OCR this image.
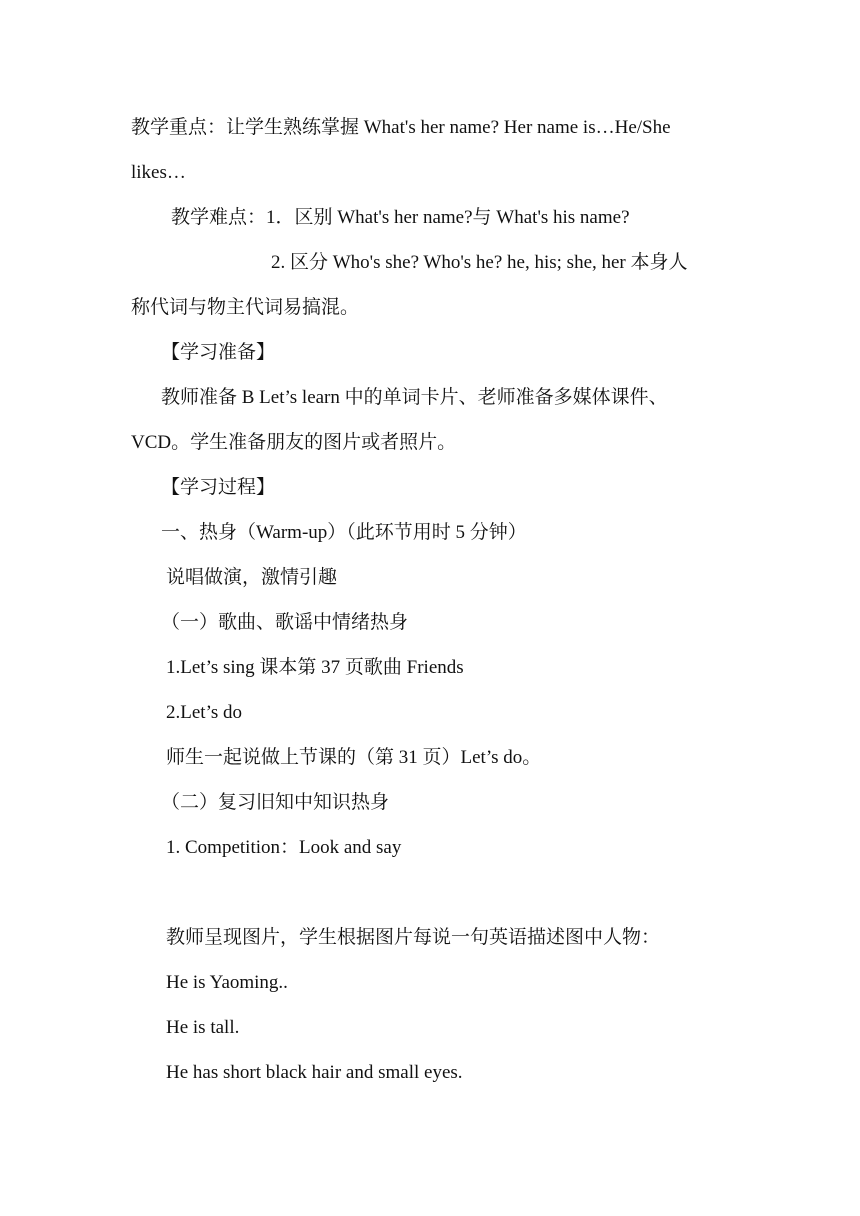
教学重点：让学生熟练掌握 What's her name? Her name is…He/She
likes…
教学难点：1．区别 What's her name?与 What's his name?
2. 区分 Who's she? Who's he? he, his; she, her 本身人
称代词与物主代词易搞混。
【学习准备】
教师准备 B Let’s learn 中的单词卡片、老师准备多媒体课件、
VCD。学生准备朋友的图片或者照片。
【学习过程】
一、热身（Warm-up）（此环节用时 5 分钟）
说唱做演，激情引趣
（一）歌曲、歌谣中情绪热身
1.Let’s sing 课本第 37 页歌曲 Friends
2.Let’s do
师生一起说做上节课的（第 31 页）Let’s do。
（二）复习旧知中知识热身
1. Competition：Look and say
教师呈现图片，学生根据图片每说一句英语描述图中人物：
He is Yaoming..
He is tall.
He has short black hair and small eyes.
